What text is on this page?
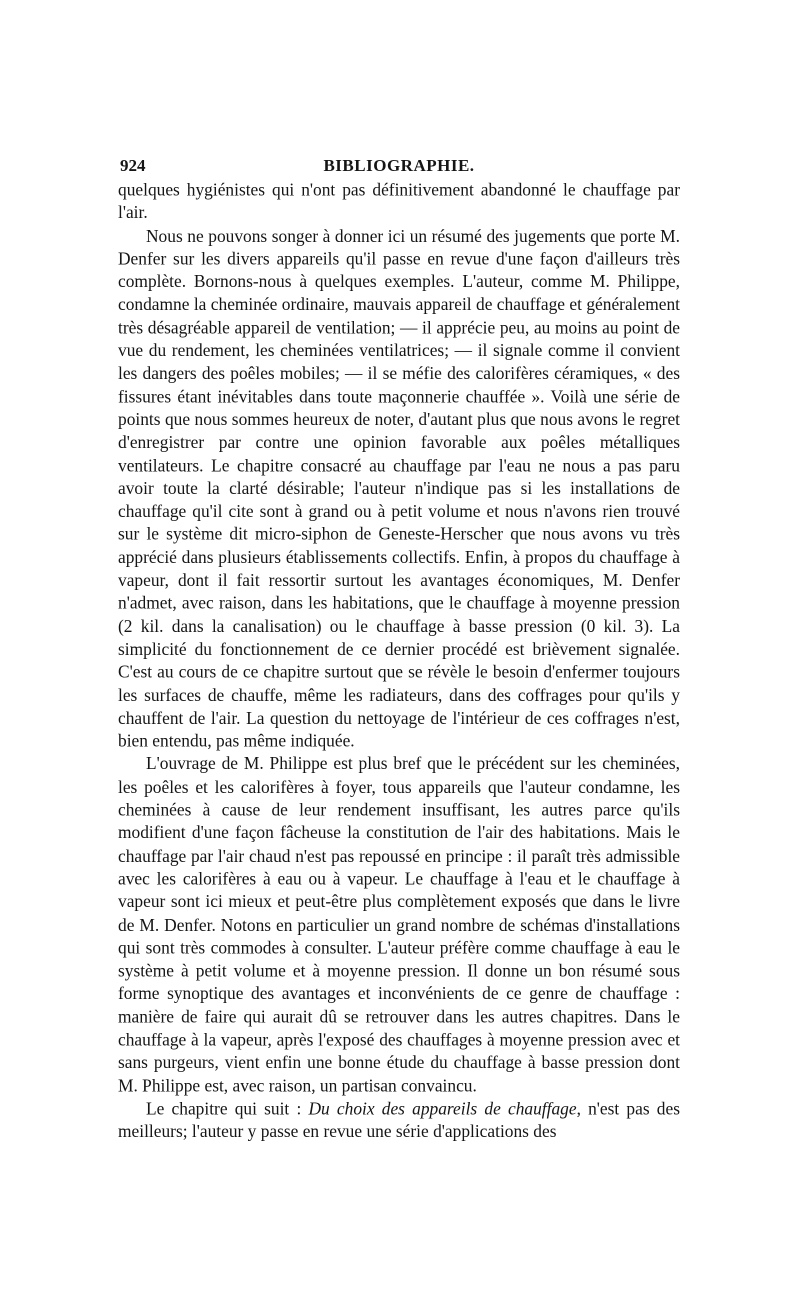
924	BIBLIOGRAPHIE.

quelques hygiénistes qui n'ont pas définitivement abandonné le chauffage par l'air.

Nous ne pouvons songer à donner ici un résumé des jugements que porte M. Denfer sur les divers appareils qu'il passe en revue d'une façon d'ailleurs très complète. Bornons-nous à quelques exemples. L'auteur, comme M. Philippe, condamne la cheminée ordinaire, mauvais appareil de chauffage et généralement très désagréable appareil de ventilation; — il apprécie peu, au moins au point de vue du rendement, les cheminées ventilatrices; — il signale comme il convient les dangers des poêles mobiles; — il se méfie des calorifères céramiques, « des fissures étant inévitables dans toute maçonnerie chauffée ». Voilà une série de points que nous sommes heureux de noter, d'autant plus que nous avons le regret d'enregistrer par contre une opinion favorable aux poêles métalliques ventilateurs. Le chapitre consacré au chauffage par l'eau ne nous a pas paru avoir toute la clarté désirable; l'auteur n'indique pas si les installations de chauffage qu'il cite sont à grand ou à petit volume et nous n'avons rien trouvé sur le système dit micro-siphon de Geneste-Herscher que nous avons vu très apprécié dans plusieurs établissements collectifs. Enfin, à propos du chauffage à vapeur, dont il fait ressortir surtout les avantages économiques, M. Denfer n'admet, avec raison, dans les habitations, que le chauffage à moyenne pression (2 kil. dans la canalisation) ou le chauffage à basse pression (0 kil. 3). La simplicité du fonctionnement de ce dernier procédé est brièvement signalée. C'est au cours de ce chapitre surtout que se révèle le besoin d'enfermer toujours les surfaces de chauffe, même les radiateurs, dans des coffrages pour qu'ils y chauffent de l'air. La question du nettoyage de l'intérieur de ces coffrages n'est, bien entendu, pas même indiquée.

L'ouvrage de M. Philippe est plus bref que le précédent sur les cheminées, les poêles et les calorifères à foyer, tous appareils que l'auteur condamne, les cheminées à cause de leur rendement insuffisant, les autres parce qu'ils modifient d'une façon fâcheuse la constitution de l'air des habitations. Mais le chauffage par l'air chaud n'est pas repoussé en principe : il paraît très admissible avec les calorifères à eau ou à vapeur. Le chauffage à l'eau et le chauffage à vapeur sont ici mieux et peut-être plus complètement exposés que dans le livre de M. Denfer. Notons en particulier un grand nombre de schémas d'installations qui sont très commodes à consulter. L'auteur préfère comme chauffage à eau le système à petit volume et à moyenne pression. Il donne un bon résumé sous forme synoptique des avantages et inconvénients de ce genre de chauffage : manière de faire qui aurait dû se retrouver dans les autres chapitres. Dans le chauffage à la vapeur, après l'exposé des chauffages à moyenne pression avec et sans purgeurs, vient enfin une bonne étude du chauffage à basse pression dont M. Philippe est, avec raison, un partisan convaincu.

Le chapitre qui suit : Du choix des appareils de chauffage, n'est pas des meilleurs; l'auteur y passe en revue une série d'applications des
